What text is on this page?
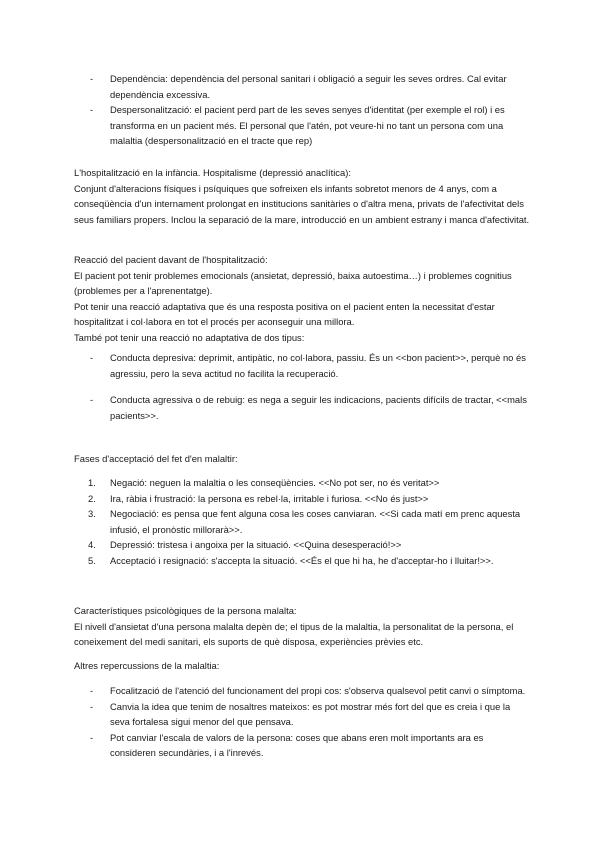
- Dependència: dependència del personal sanitari i obligació a seguir les seves ordres. Cal evitar dependència excessiva.
- Despersonalització: el pacient perd part de les seves senyes d'identitat (per exemple el rol) i es transforma en un pacient més. El personal que l'atén, pot veure-hi no tant un persona com una malaltia (despersonalització en el tracte que rep)

L'hospitalització en la infància. Hospitalisme (depressió anaclítica):

Conjunt d'alteracions físiques i psíquiques que sofreixen els infants sobretot menors de 4 anys, com a conseqüència d'un internament prolongat en institucions sanitàries o d'altra mena, privats de l'afectivitat dels seus familiars propers. Inclou la separació de la mare, introducció en un ambient estrany i manca d'afectivitat.

Reacció del pacient davant de l'hospitalització:

El pacient pot tenir problemes emocionals (ansietat, depressió, baixa autoestima…) i problemes cognitius (problemes per a l'aprenentatge).

Pot tenir una reacció adaptativa que és una resposta positiva on el pacient enten la necessitat d'estar hospitalitzat i col·labora en tot el procés per aconseguir una millora.

També pot tenir una reacció no adaptativa de dos tipus:

- Conducta depresiva: deprimit, antipàtic, no col·labora, passiu. És un <<bon pacient>>, perquè no és agressiu, pero la seva actitud no facilita la recuperació.
- Conducta agressiva o de rebuig: es nega a seguir les indicacions, pacients difícils de tractar, <<mals pacients>>.

Fases d'acceptació del fet d'en malaltir:

1. Negació: neguen la malaltia o les conseqüències. <<No pot ser, no és veritat>>
2. Ira, ràbia i frustració: la persona es rebel·la, irritable i furiosa. <<No és just>>
3. Negociació: es pensa que fent alguna cosa les coses canviaran. <<Si cada matí em prenc aquesta infusió, el pronòstic millorarà>>.
4. Depressió: tristesa i angoixa per la situació. <<Quina desesperació!>>
5. Acceptació i resignació: s'accepta la situació. <<És el que hi ha, he d'acceptar-ho i lluitar!>>.

Característiques psicològiques de la persona malalta:

El nivell d'ansietat d'una persona malalta depèn de; el tipus de la malaltia, la personalitat de la persona, el coneixement del medi sanitari, els suports de què disposa, experiències prèvies etc.

Altres repercussions de la malaltia:

- Focalització de l'atenció del funcionament del propi cos: s'observa qualsevol petit canvi o símptoma.
- Canvia la idea que tenim de nosaltres mateixos: es pot mostrar més fort del que es creia i que la seva fortalesa sigui menor del que pensava.
- Pot canviar l'escala de valors de la persona: coses que abans eren molt importants ara es consideren secundàries, i a l'inrevés.
